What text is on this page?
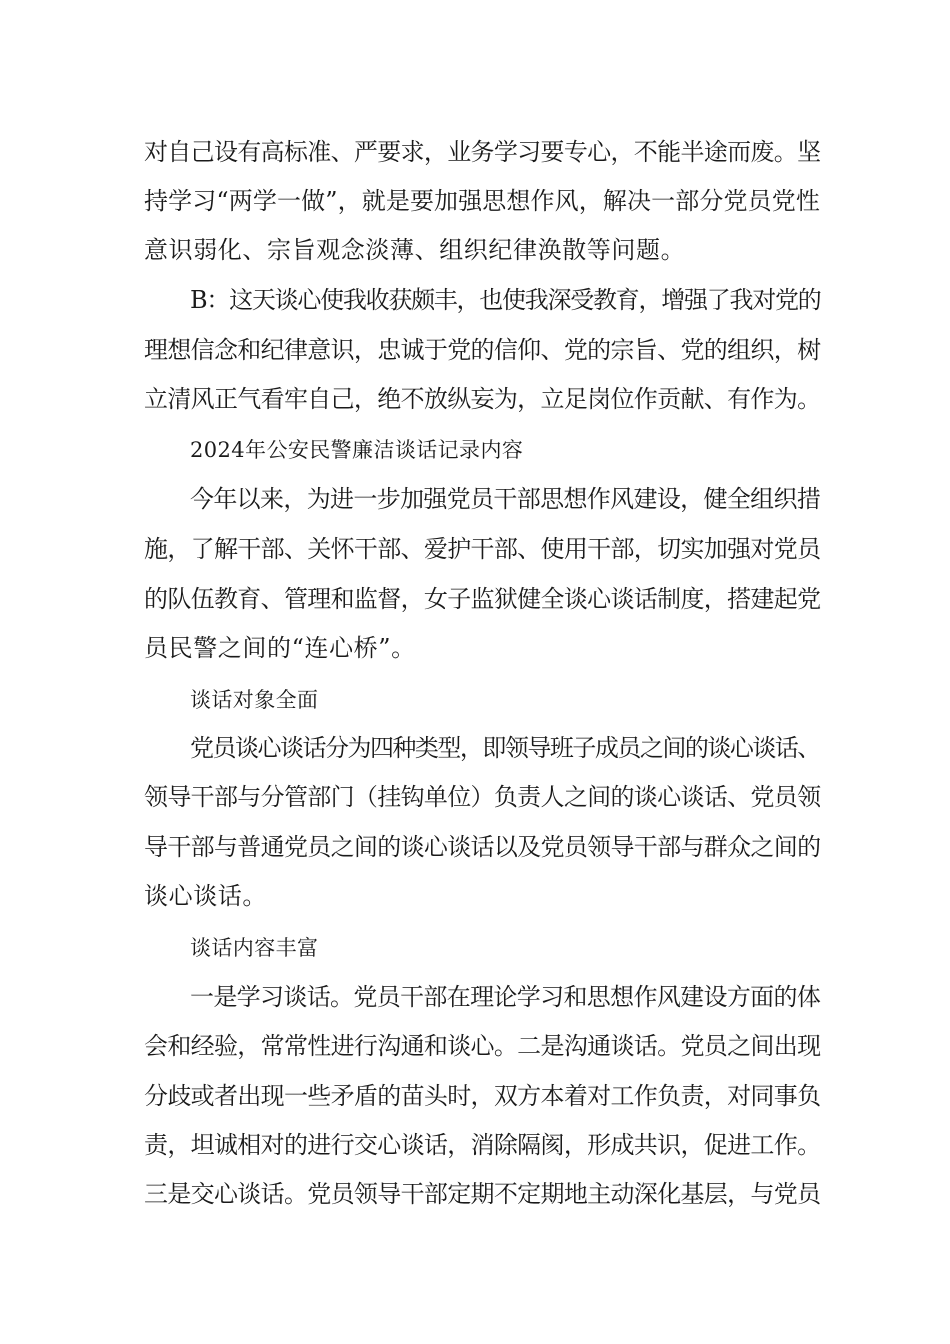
对自己设有高标准、严要求，业务学习要专心，不能半途而废。坚

持学习“两学一做”，就是要加强思想作风，解决一部分党员党性

意识弱化、宗旨观念淡薄、组织纪律涣散等问题。

B：这天谈心使我收获颇丰，也使我深受教育，增强了我对党的

理想信念和纪律意识，忠诚于党的信仰、党的宗旨、党的组织，树

立清风正气看牢自己，绝不放纵妄为，立足岗位作贡献、有作为。

2024年公安民警廉洁谈话记录内容

今年以来，为进一步加强党员干部思想作风建设，健全组织措

施，了解干部、关怀干部、爱护干部、使用干部，切实加强对党员

的队伍教育、管理和监督，女子监狱健全谈心谈话制度，搭建起党

员民警之间的“连心桥”。

谈话对象全面

党员谈心谈话分为四种类型，即领导班子成员之间的谈心谈话、

领导干部与分管部门（挂钩单位）负责人之间的谈心谈话、党员领

导干部与普通党员之间的谈心谈话以及党员领导干部与群众之间的

谈心谈话。

谈话内容丰富

一是学习谈话。党员干部在理论学习和思想作风建设方面的体

会和经验，常常性进行沟通和谈心。二是沟通谈话。党员之间出现

分歧或者出现一些矛盾的苗头时，双方本着对工作负责，对同事负

责，坦诚相对的进行交心谈话，消除隔阂，形成共识，促进工作。

三是交心谈话。党员领导干部定期不定期地主动深化基层，与党员
